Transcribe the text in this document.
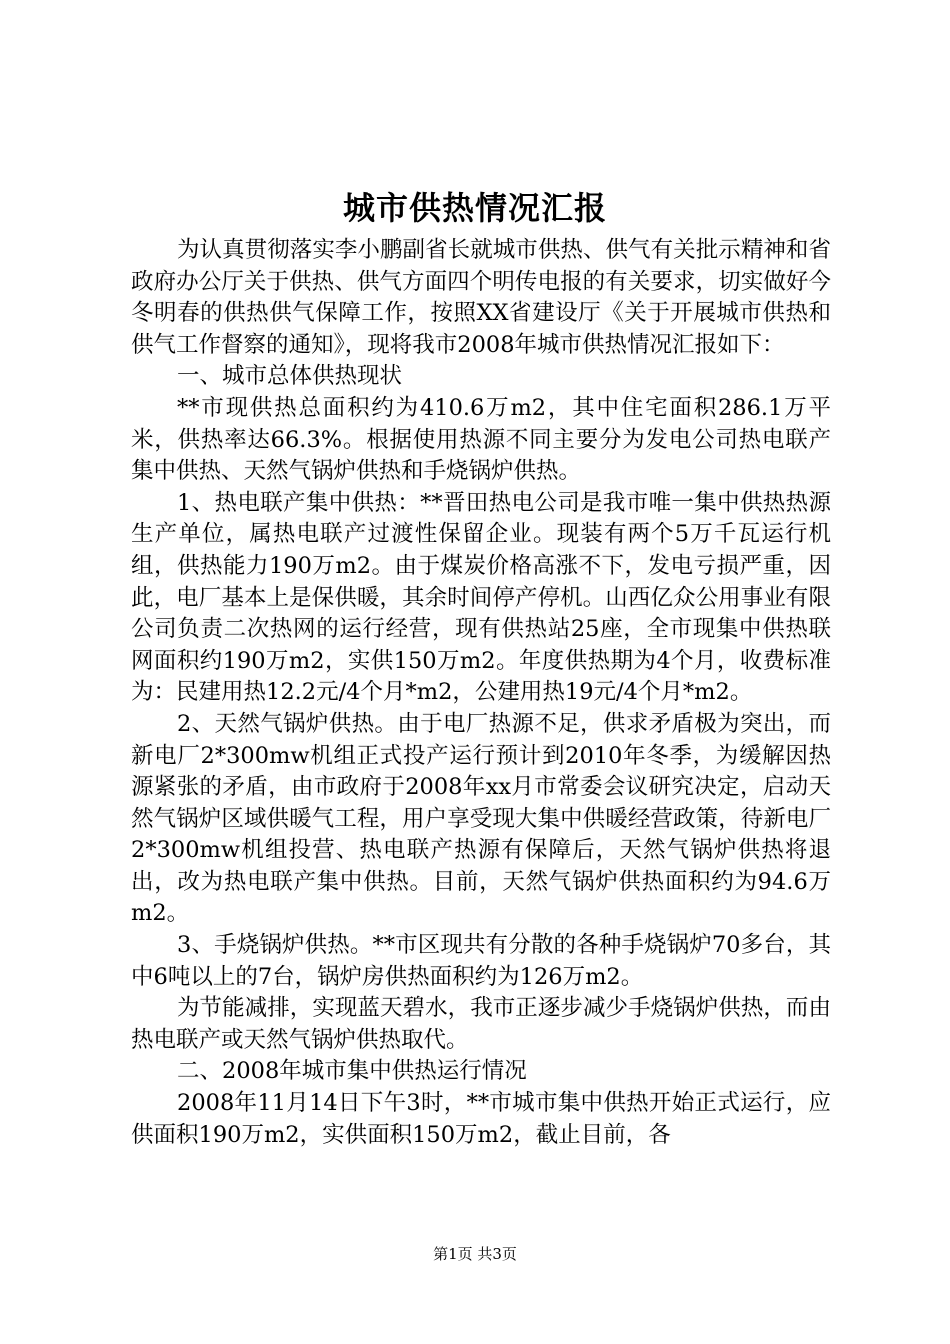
城市供热情况汇报

为认真贯彻落实李小鹏副省长就城市供热、供气有关批示精神和省政府办公厅关于供热、供气方面四个明传电报的有关要求，切实做好今冬明春的供热供气保障工作，按照XX省建设厅《关于开展城市供热和供气工作督察的通知》，现将我市2008年城市供热情况汇报如下：

一、城市总体供热现状

**市现供热总面积约为410.6万m2，其中住宅面积286.1万平米，供热率达66.3%。根据使用热源不同主要分为发电公司热电联产集中供热、天然气锅炉供热和手烧锅炉供热。

1、热电联产集中供热：**晋田热电公司是我市唯一集中供热热源生产单位，属热电联产过渡性保留企业。现装有两个5万千瓦运行机组，供热能力190万m2。由于煤炭价格高涨不下，发电亏损严重，因此，电厂基本上是保供暖，其余时间停产停机。山西亿众公用事业有限公司负责二次热网的运行经营，现有供热站25座，全市现集中供热联网面积约190万m2，实供150万m2。年度供热期为4个月，收费标准为：民建用热12.2元/4个月*m2，公建用热19元/4个月*m2。

2、天然气锅炉供热。由于电厂热源不足，供求矛盾极为突出，而新电厂2*300mw机组正式投产运行预计到2010年冬季，为缓解因热源紧张的矛盾，由市政府于2008年xx月市常委会议研究决定，启动天然气锅炉区域供暖气工程，用户享受现大集中供暖经营政策，待新电厂2*300mw机组投营、热电联产热源有保障后，天然气锅炉供热将退出，改为热电联产集中供热。目前，天然气锅炉供热面积约为94.6万m2。

3、手烧锅炉供热。**市区现共有分散的各种手烧锅炉70多台，其中6吨以上的7台，锅炉房供热面积约为126万m2。

为节能减排，实现蓝天碧水，我市正逐步减少手烧锅炉供热，而由热电联产或天然气锅炉供热取代。

二、2008年城市集中供热运行情况

2008年11月14日下午3时，**市城市集中供热开始正式运行，应供面积190万m2，实供面积150万m2，截止目前，各

第1页 共3页
